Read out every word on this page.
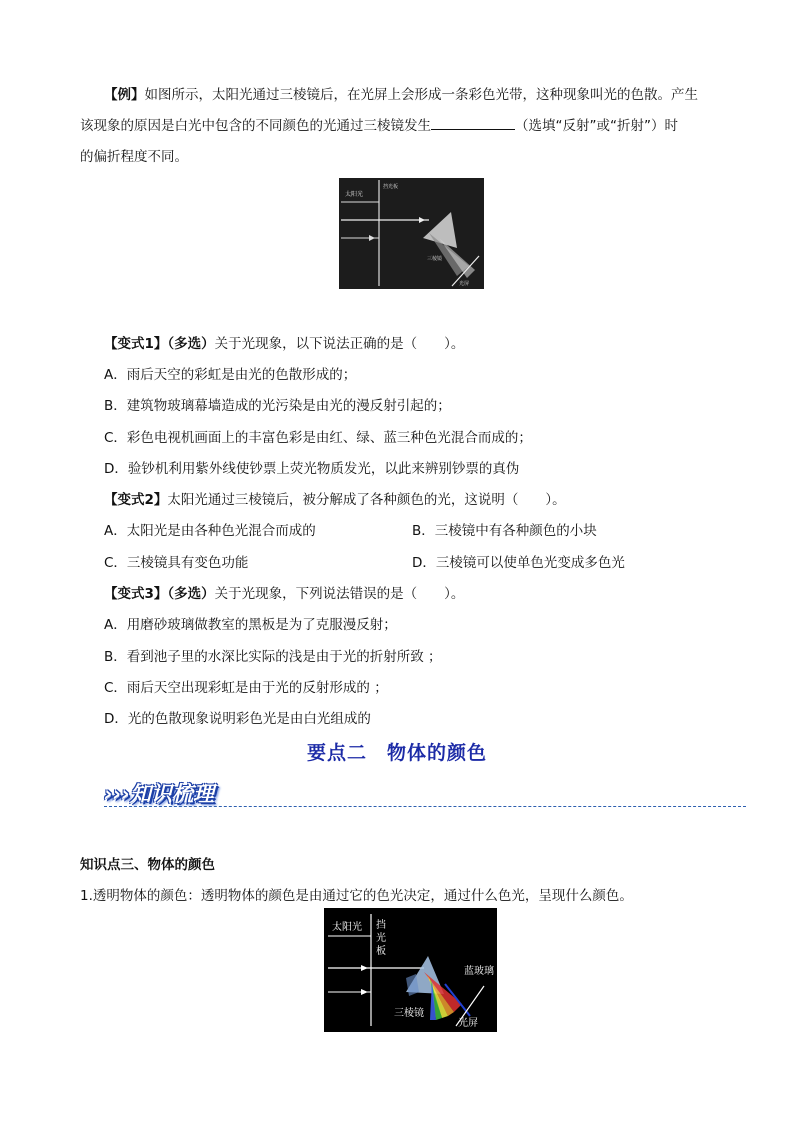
【例】如图所示，太阳光通过三棱镜后，在光屏上会形成一条彩色光带，这种现象叫光的色散。产生
该现象的原因是白光中包含的不同颜色的光通过三棱镜发生	（选填“反射”或“折射”）时
的偏折程度不同。
太阳光
挡光板
三棱镜
光屏
【变式1】（多选）关于光现象，以下说法正确的是（　　）。
A．雨后天空的彩虹是由光的色散形成的；
B．建筑物玻璃幕墙造成的光污染是由光的漫反射引起的；
C．彩色电视机画面上的丰富色彩是由红、绿、蓝三种色光混合而成的；
D．验钞机利用紫外线使钞票上荧光物质发光，以此来辨别钞票的真伪
【变式2】太阳光通过三棱镜后，被分解成了各种颜色的光，这说明（　　）。
A．太阳光是由各种色光混合而成的	B．三棱镜中有各种颜色的小块
C．三棱镜具有变色功能	D．三棱镜可以使单色光变成多色光
【变式3】（多选）关于光现象，下列说法错误的是（　　）。
A．用磨砂玻璃做教室的黑板是为了克服漫反射；
B．看到池子里的水深比实际的浅是由于光的折射所致 ；
C．雨后天空出现彩虹是由于光的反射形成的 ；
D．光的色散现象说明彩色光是由白光组成的
要点二　物体的颜色
›››知识梳理
知识点三、物体的颜色
1.透明物体的颜色：透明物体的颜色是由通过它的色光决定，通过什么色光，呈现什么颜色。
太阳光 挡
光
板
蓝玻璃
三棱镜
光屏
